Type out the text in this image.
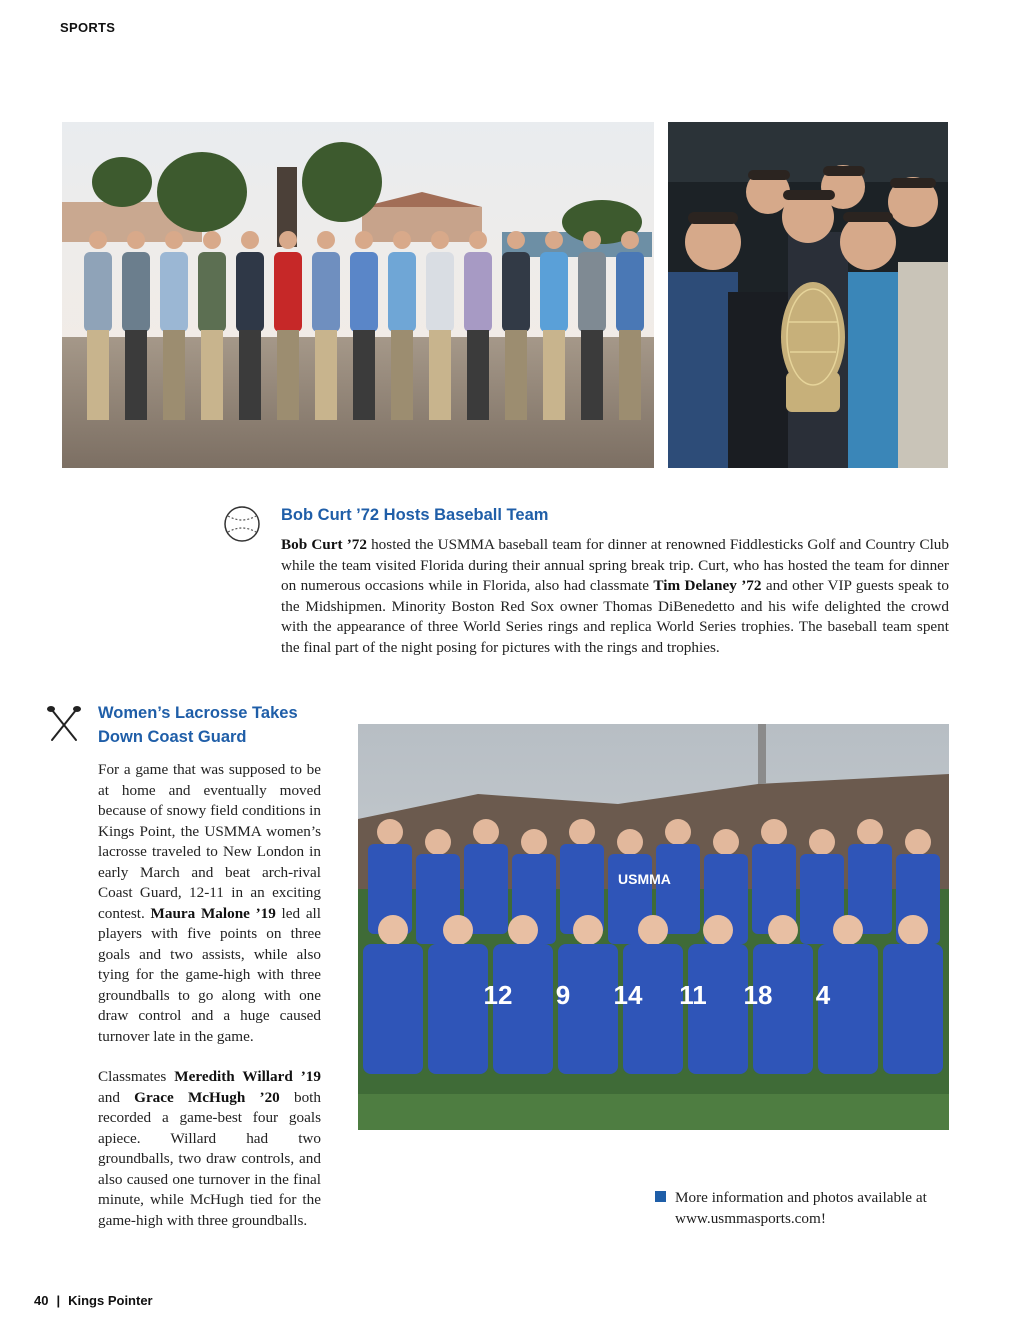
SPORTS
Bob Curt ’72 Hosts Baseball Team

Bob Curt ’72 hosted the USMMA baseball team for dinner at renowned Fiddlesticks Golf and Country Club while the team visited Florida during their annual spring break trip. Curt, who has hosted the team for dinner on numerous occasions while in Florida, also had classmate Tim Delaney ’72 and other VIP guests speak to the Midshipmen. Minority Boston Red Sox owner Thomas DiBenedetto and his wife delighted the crowd with the appearance of three World Series rings and replica World Series trophies. The baseball team spent the final part of the night posing for pictures with the rings and trophies.

Women’s Lacrosse Takes Down Coast Guard

For a game that was supposed to be at home and eventually moved because of snowy field conditions in Kings Point, the USMMA women’s lacrosse traveled to New London in early March and beat arch-rival Coast Guard, 12-11 in an exciting contest. Maura Malone ’19 led all players with five points on three goals and two assists, while also tying for the game-high with three groundballs to go along with one draw control and a huge caused turnover late in the game.

Classmates Meredith Willard ’19 and Grace McHugh ’20 both recorded a game-best four goals apiece. Willard had two groundballs, two draw controls, and also caused one turnover in the final minute, while McHugh tied for the game-high with three groundballs.

12 9 14 11 18 4
USMMA
More information and photos available at www.usmmasports.com!
40 | Kings Pointer
